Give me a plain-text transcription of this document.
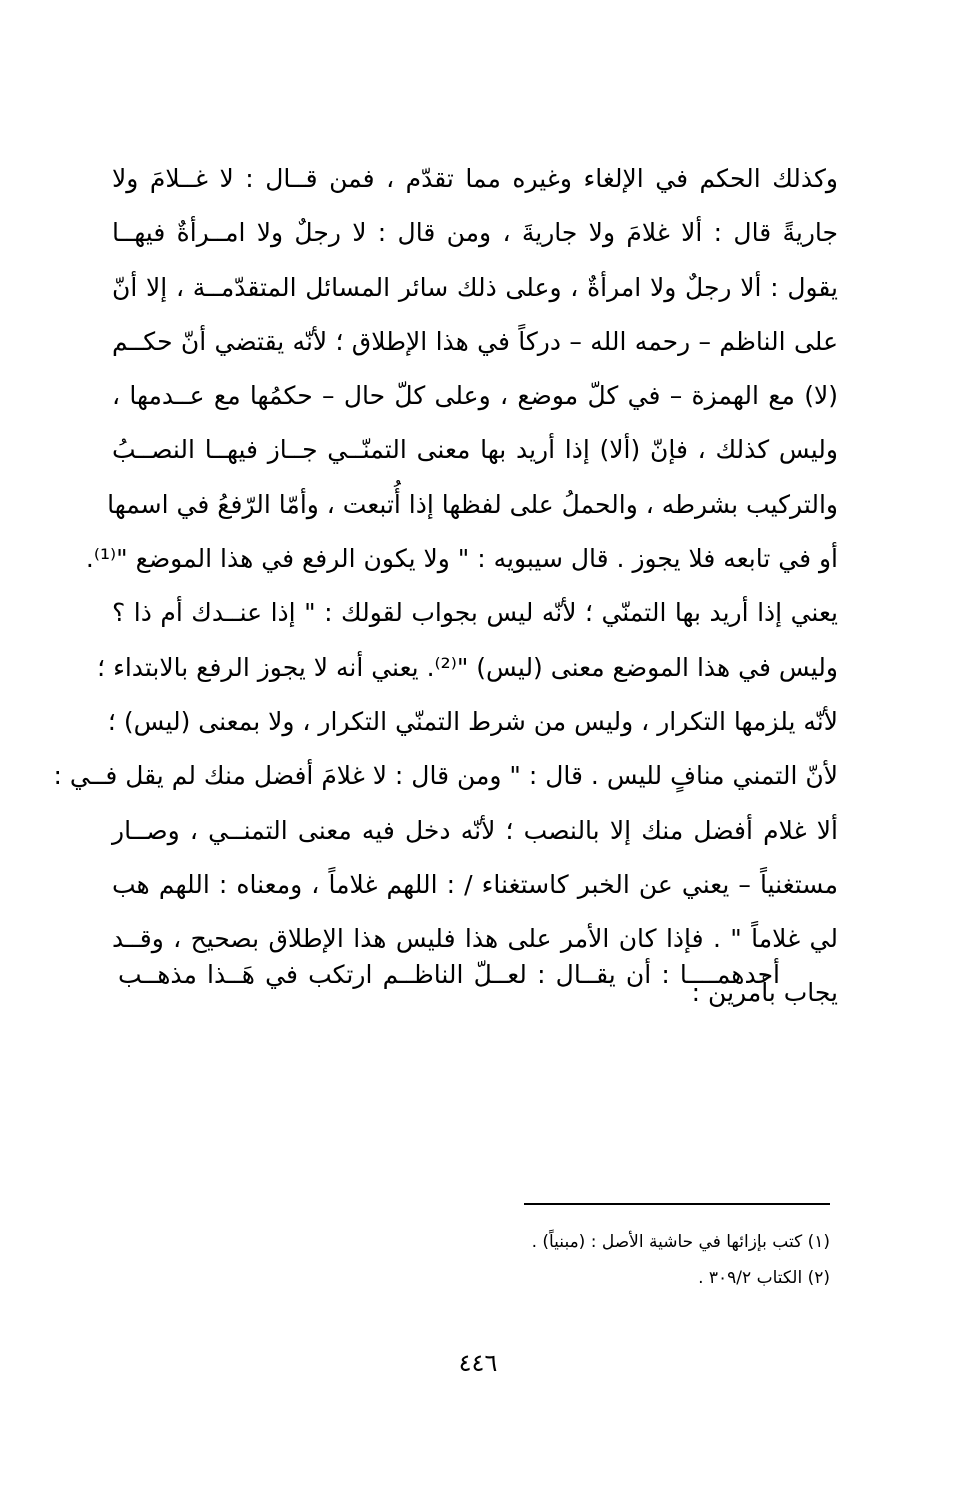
وكذلك الحكم في الإلغاء وغيره مما تقدّم ، فمن قــال : لا غــلامَ ولا
جاريةً قال : ألا غلامَ ولا جاريةَ ، ومن قال : لا رجلٌ ولا امــرأةٌ فيهــا
يقول : ألا رجلٌ ولا امرأةٌ ، وعلى ذلك سائر المسائل المتقدّمــة ، إلا أنّ
على الناظم – رحمه الله – دركاً في هذا الإطلاق ؛ لأنّه يقتضي أنّ حكــم
(لا) مع الهمزة – في كلّ موضع ، وعلى كلّ حال – حكمُها مع عــدمها ،
وليس كذلك ، فإنّ (ألا) إذا أريد بها معنى التمنّــي جــاز فيهــا النصــبُ
والتركيب بشرطه ، والحملُ على لفظها إذا أُتبعت ، وأمّا الرّفعُ في اسمها
أو في تابعه فلا يجوز . قال سيبويه : " ولا يكون الرفع في هذا الموضع "⁽¹⁾.
يعني إذا أريد بها التمنّي ؛ لأنّه ليس بجواب لقولك : " إذا عنــدك أم ذا ؟
وليس في هذا الموضع معنى (ليس) "⁽²⁾. يعني أنه لا يجوز الرفع بالابتداء ؛
لأنّه يلزمها التكرار ، وليس من شرط التمنّي التكرار ، ولا بمعنى (ليس) ؛
لأنّ التمني منافٍ لليس . قال : " ومن قال : لا غلامَ أفضل منك لم يقل فــي :
ألا غلام أفضل منك إلا بالنصب ؛ لأنّه دخل فيه معنى التمنــي ، وصــار
مستغنياً – يعني عن الخبر كاستغناء / : اللهم غلاماً ، ومعناه : اللهم هب
لي غلاماً " . فإذا كان الأمر على هذا فليس هذا الإطلاق بصحيح ، وقــد
يجاب بأمرين :
أحدهمــــا : أن يقــال : لعــلّ الناظــم ارتكب في هَــذا مذهــب
(١) كتب بإزائها في حاشية الأصل : (مبنياً) .
(٢) الكتاب ٣٠٩/٢ .
٤٤٦
